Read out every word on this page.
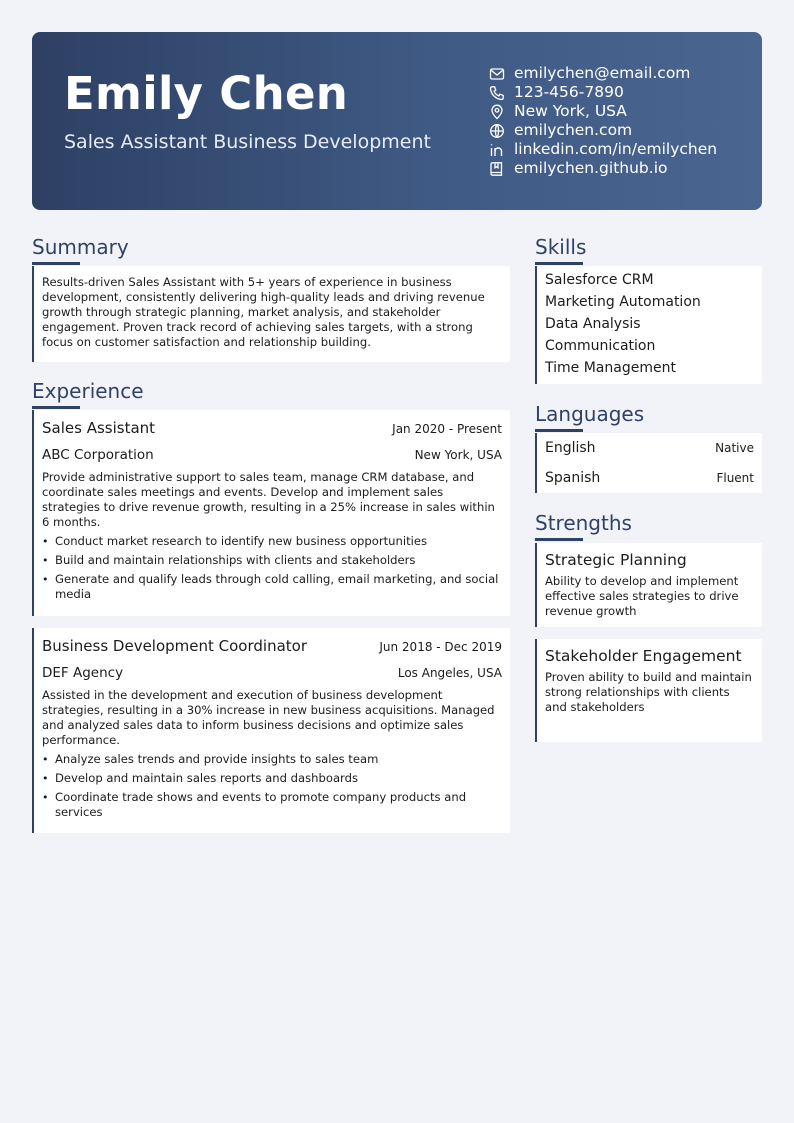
Emily Chen
Sales Assistant Business Development
emilychen@email.com
123-456-7890
New York, USA
emilychen.com
linkedin.com/in/emilychen
emilychen.github.io
Summary
Results-driven Sales Assistant with 5+ years of experience in business development, consistently delivering high-quality leads and driving revenue growth through strategic planning, market analysis, and stakeholder engagement. Proven track record of achieving sales targets, with a strong focus on customer satisfaction and relationship building.
Experience
Sales Assistant	Jan 2020 - Present
ABC Corporation	New York, USA
Provide administrative support to sales team, manage CRM database, and coordinate sales meetings and events. Develop and implement sales strategies to drive revenue growth, resulting in a 25% increase in sales within 6 months.
• Conduct market research to identify new business opportunities
• Build and maintain relationships with clients and stakeholders
• Generate and qualify leads through cold calling, email marketing, and social media
Business Development Coordinator	Jun 2018 - Dec 2019
DEF Agency	Los Angeles, USA
Assisted in the development and execution of business development strategies, resulting in a 30% increase in new business acquisitions. Managed and analyzed sales data to inform business decisions and optimize sales performance.
• Analyze sales trends and provide insights to sales team
• Develop and maintain sales reports and dashboards
• Coordinate trade shows and events to promote company products and services
Skills
Salesforce CRM
Marketing Automation
Data Analysis
Communication
Time Management
Languages
English	Native
Spanish	Fluent
Strengths
Strategic Planning
Ability to develop and implement effective sales strategies to drive revenue growth
Stakeholder Engagement
Proven ability to build and maintain strong relationships with clients and stakeholders
